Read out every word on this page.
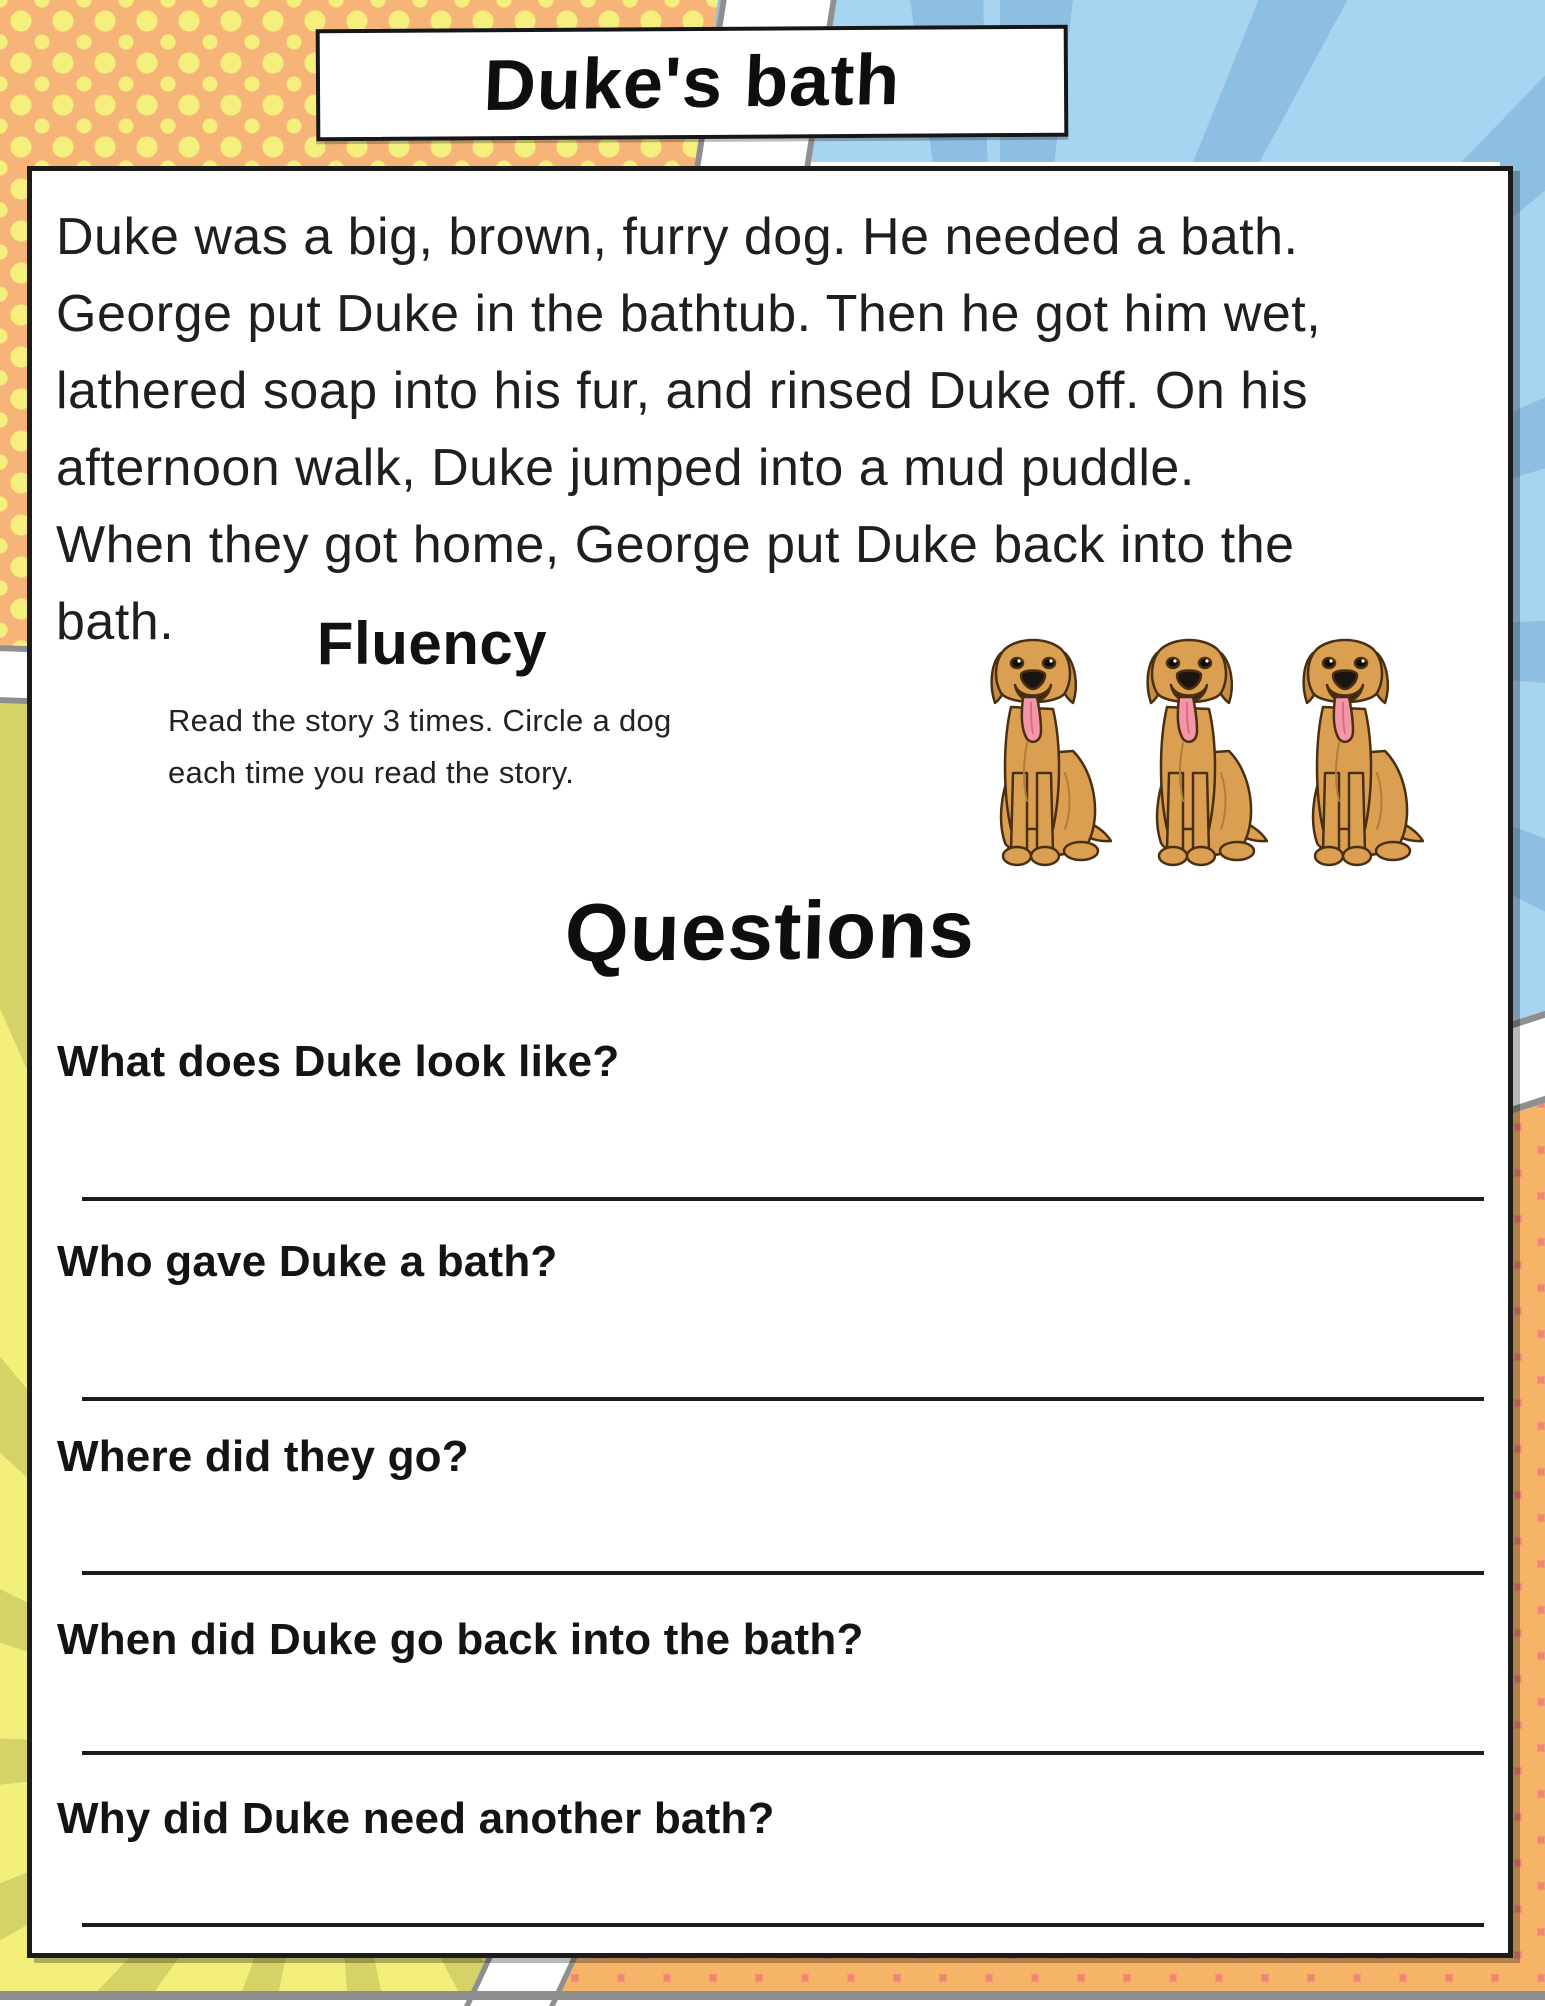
Duke's bath
Duke was a big, brown, furry dog. He needed a bath.
George put Duke in the bathtub. Then he got him wet,
lathered soap into his fur, and rinsed Duke off. On his
afternoon walk, Duke jumped into a mud puddle.
When they got home, George put Duke back into the
bath.	Fluency
Read the story 3 times. Circle a dog
each time you read the story.
Questions
What does Duke look like?
Who gave Duke a bath?
Where did they go?
When did Duke go back into the bath?
Why did Duke need another bath?
